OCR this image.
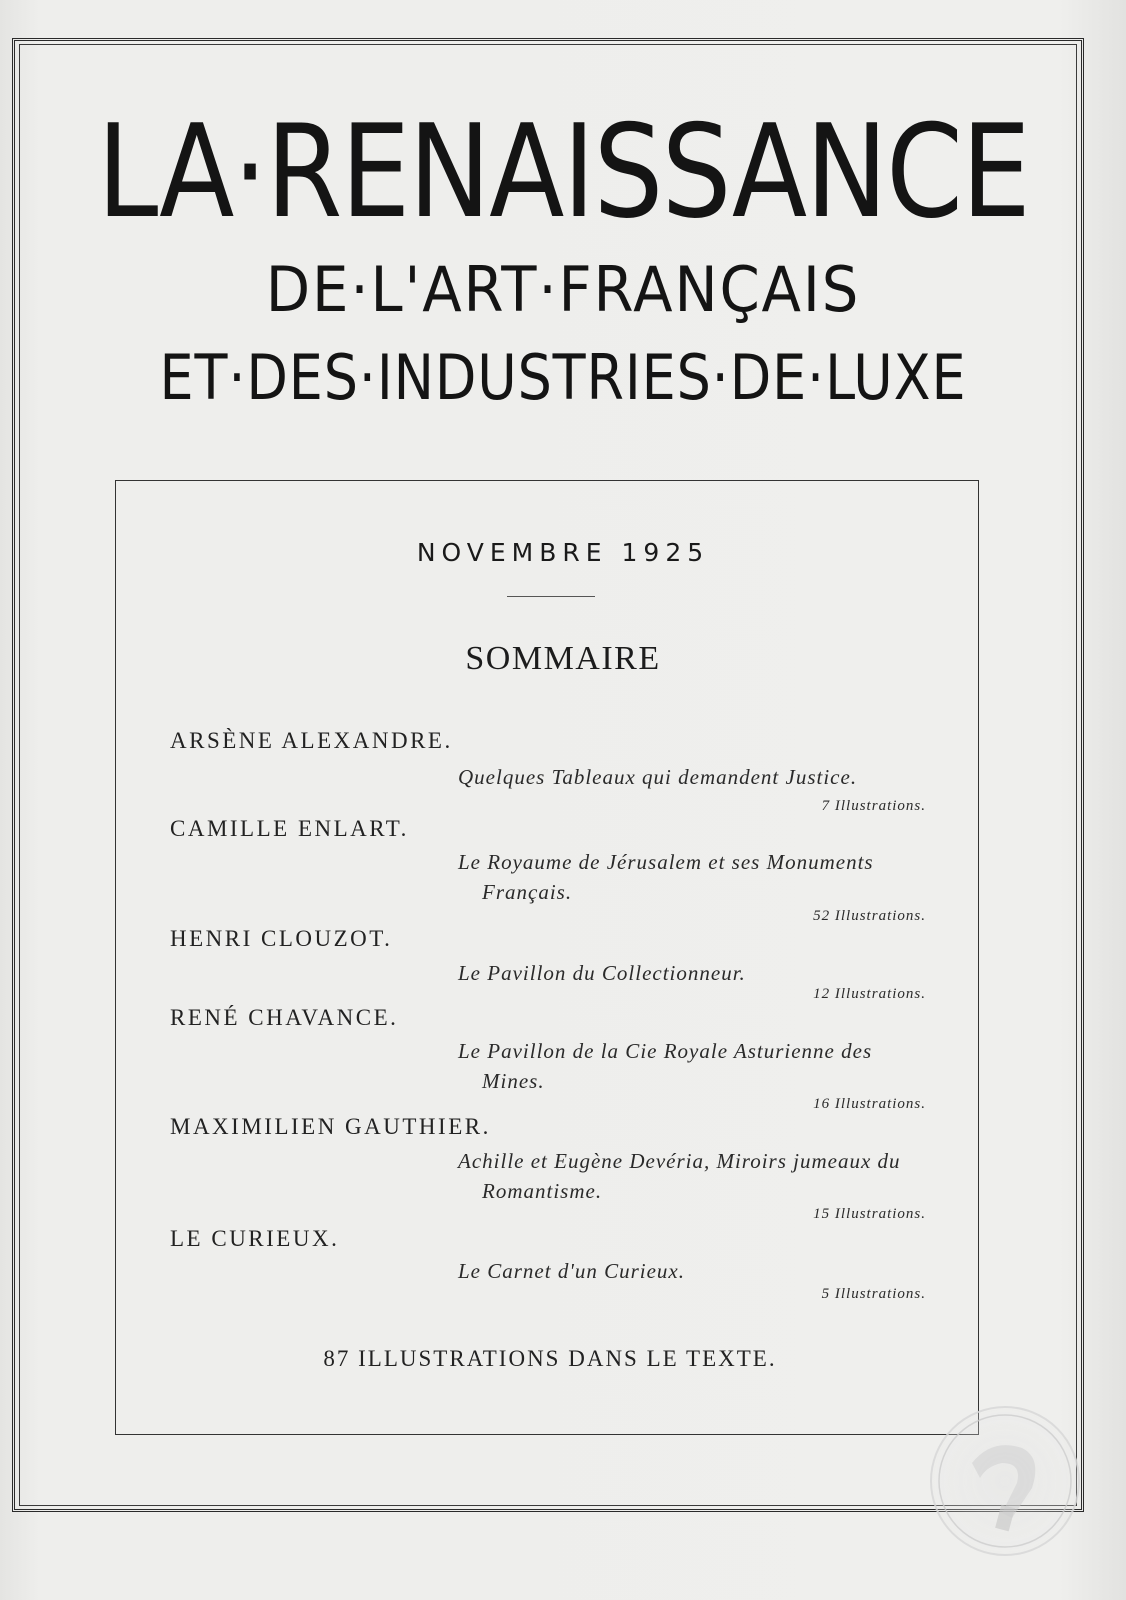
LA·RENAISSANCE
DE·L'ART·FRANÇAIS
ET·DES·INDUSTRIES·DE·LUXE
NOVEMBRE 1925
SOMMAIRE
ARSÈNE ALEXANDRE.
Quelques Tableaux qui demandent Justice.
7 Illustrations.
CAMILLE ENLART.
Le Royaume de Jérusalem et ses Monuments
Français.
52 Illustrations.
HENRI CLOUZOT.
Le Pavillon du Collectionneur.
12 Illustrations.
RENÉ CHAVANCE.
Le Pavillon de la Cie Royale Asturienne des
Mines.
16 Illustrations.
MAXIMILIEN GAUTHIER.
Achille et Eugène Devéria, Miroirs jumeaux du
Romantisme.
15 Illustrations.
LE CURIEUX.
Le Carnet d'un Curieux.
5 Illustrations.
87 ILLUSTRATIONS DANS LE TEXTE.
